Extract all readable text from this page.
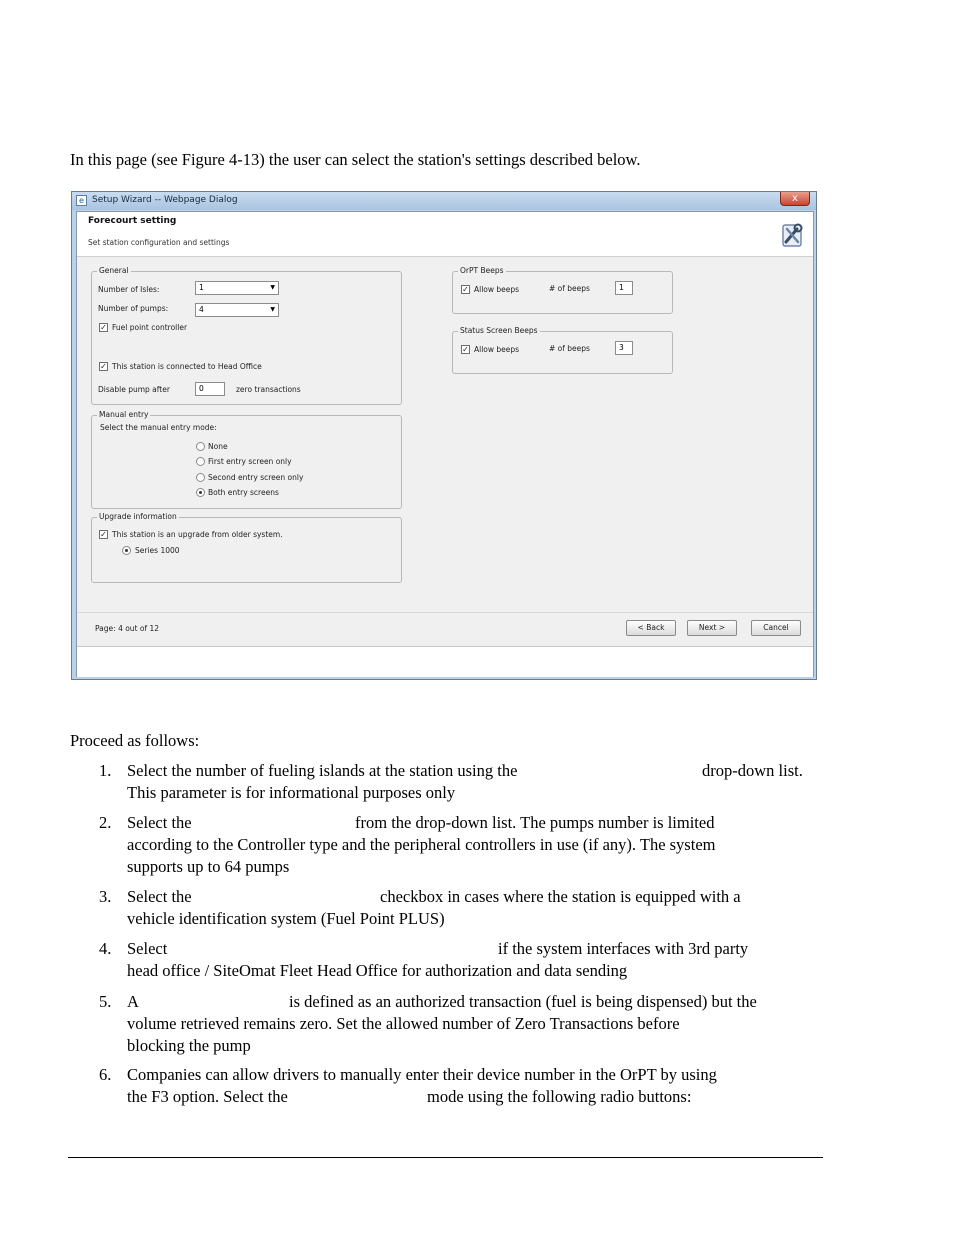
In this page (see Figure 4-13) the user can select the station's settings described below.
e Setup Wizard -- Webpage Dialog	x
Forecourt setting
Set station configuration and settings
General
Number of Isles:	1	▼
Number of pumps:	4	▼
✓ Fuel point controller
✓ This station is connected to Head Office
Disable pump after	0	zero transactions
Manual entry
Select the manual entry mode:
None
First entry screen only
Second entry screen only
Both entry screens
Upgrade information
✓ This station is an upgrade from older system.
Series 1000
OrPT Beeps
✓ Allow beeps	# of beeps	1
Status Screen Beeps
✓ Allow beeps	# of beeps	3
Page: 4 out of 12	< Back	Next >	Cancel
Proceed as follows:
1. Select the number of fueling islands at the station using the	drop-down list.
This parameter is for informational purposes only
2. Select the	from the drop-down list. The pumps number is limited
according to the Controller type and the peripheral controllers in use (if any). The system
supports up to 64 pumps
3. Select the	checkbox in cases where the station is equipped with a
vehicle identification system (Fuel Point PLUS)
4. Select	if the system interfaces with 3rd party
head office / SiteOmat Fleet Head Office for authorization and data sending
5. A	is defined as an authorized transaction (fuel is being dispensed) but the
volume retrieved remains zero. Set the allowed number of Zero Transactions before
blocking the pump
6. Companies can allow drivers to manually enter their device number in the OrPT by using
the F3 option. Select the	mode using the following radio buttons:
